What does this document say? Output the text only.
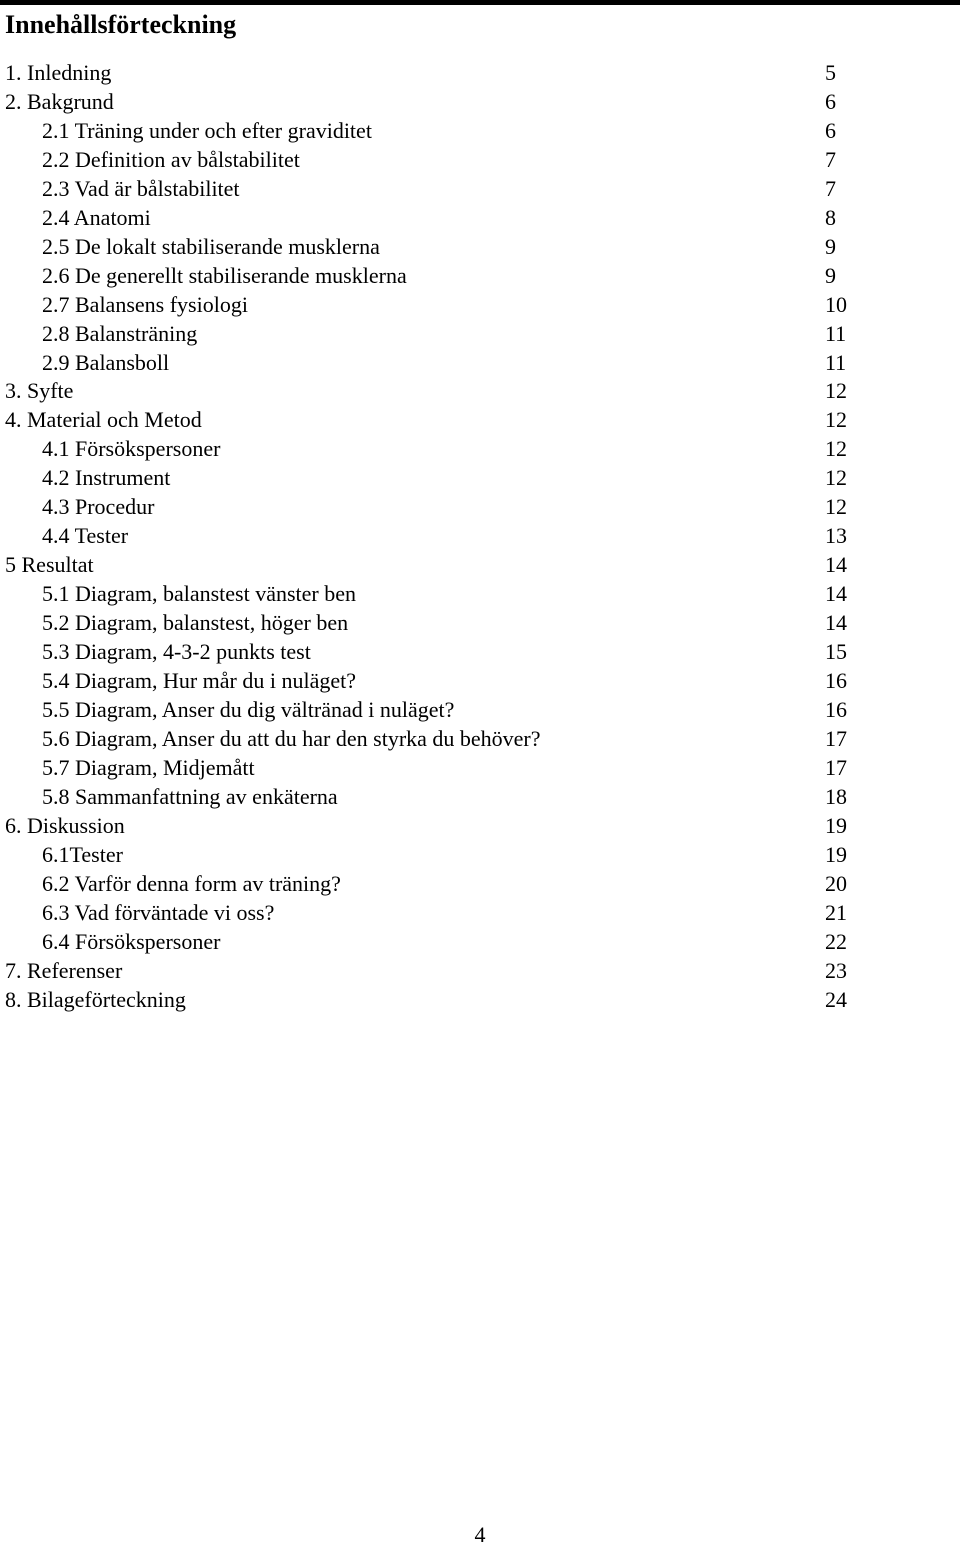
Innehållsförteckning
1. Inledning	5
2. Bakgrund	6
2.1 Träning under och efter graviditet	6
2.2 Definition av bålstabilitet	7
2.3 Vad är bålstabilitet	7
2.4 Anatomi	8
2.5 De lokalt stabiliserande musklerna	9
2.6 De generellt stabiliserande musklerna	9
2.7 Balansens fysiologi	10
2.8 Balansträning	11
2.9 Balansboll	11
3. Syfte	12
4. Material och Metod	12
4.1 Försökspersoner	12
4.2 Instrument	12
4.3 Procedur	12
4.4 Tester	13
5 Resultat	14
5.1 Diagram, balanstest vänster ben	14
5.2 Diagram, balanstest, höger ben	14
5.3 Diagram, 4-3-2 punkts test	15
5.4 Diagram, Hur mår du i nuläget?	16
5.5 Diagram, Anser du dig vältränad i nuläget?	16
5.6 Diagram, Anser du att du har den styrka du behöver?	17
5.7 Diagram, Midjemått	17
5.8 Sammanfattning av enkäterna	18
6. Diskussion	19
6.1Tester	19
6.2 Varför denna form av träning?	20
6.3 Vad förväntade vi oss?	21
6.4 Försökspersoner	22
7. Referenser	23
8. Bilageförteckning	24
4
